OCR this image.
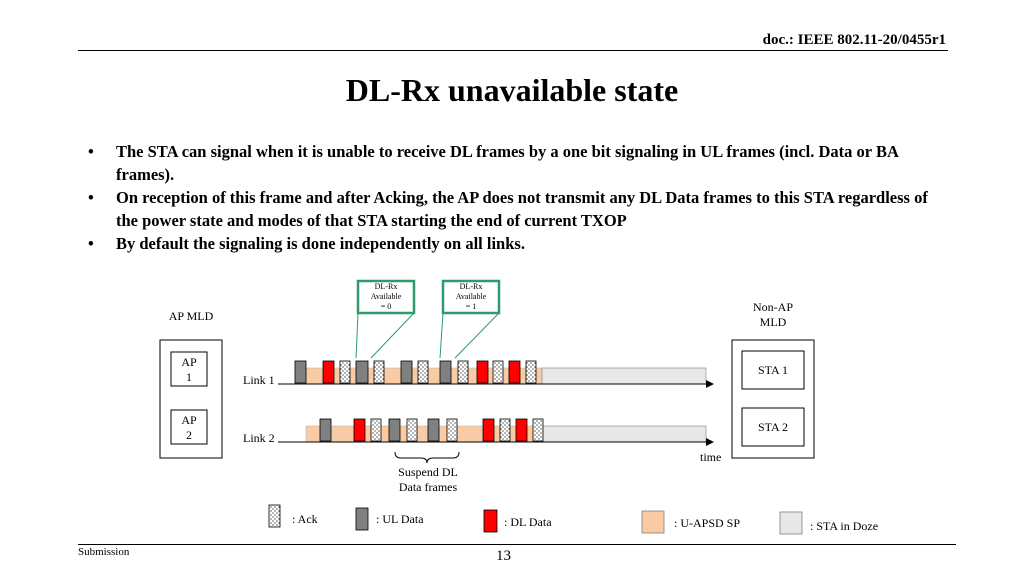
doc.: IEEE 802.11-20/0455r1
DL-Rx unavailable state
• The STA can signal when it is unable to receive DL frames by a one bit signaling in UL frames (incl. Data or BA frames).
• On reception of this frame and after Acking, the AP does not transmit any DL Data frames to this STA regardless of the power state and modes of that STA starting the end of current TXOP
• By default the signaling is done independently on all links.
DL-Rx
Available
= 0
DL-Rx
Available
= 1
AP MLD
AP
1
AP
2
Non-AP
MLD
STA 1
STA 2
Link 1
Link 2
time
Suspend DL
Data frames
: Ack	: UL Data	: DL Data	: U-APSD SP	: STA in Doze
Submission	13
